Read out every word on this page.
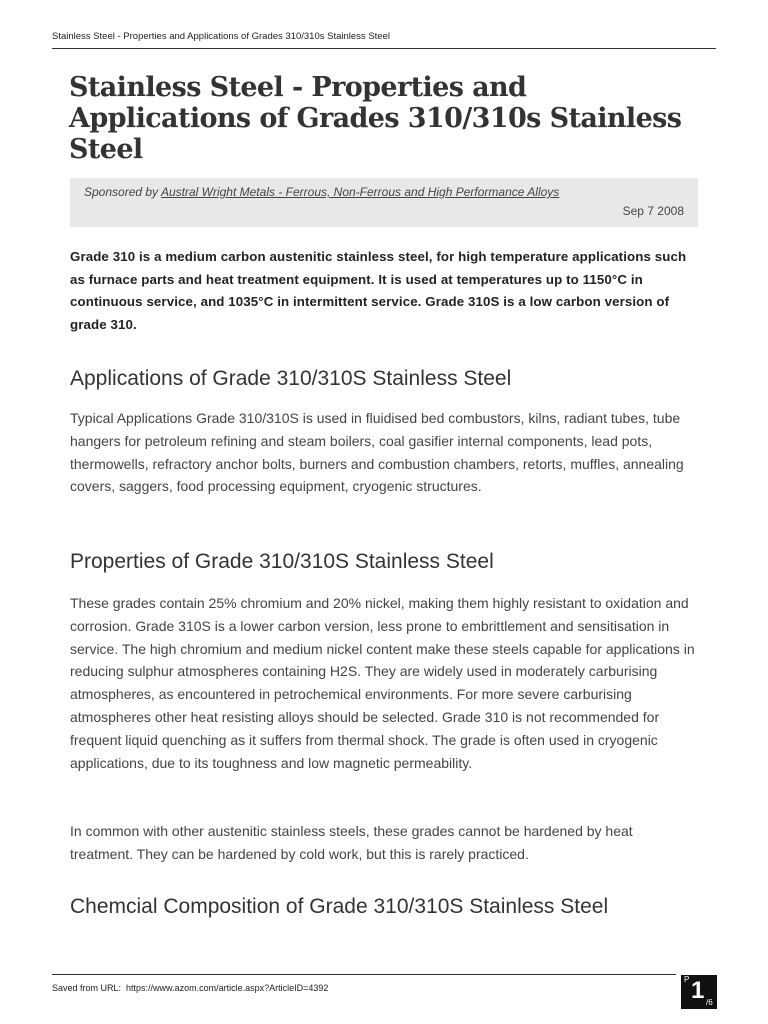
Stainless Steel - Properties and Applications of Grades 310/310s Stainless Steel
Stainless Steel - Properties and Applications of Grades 310/310s Stainless Steel
Sponsored by Austral Wright Metals - Ferrous, Non-Ferrous and High Performance Alloys
Sep 7 2008

Grade 310 is a medium carbon austenitic stainless steel, for high temperature applications such as furnace parts and heat treatment equipment. It is used at temperatures up to 1150°C in continuous service, and 1035°C in intermittent service. Grade 310S is a low carbon version of grade 310.

Applications of Grade 310/310S Stainless Steel

Typical Applications Grade 310/310S is used in fluidised bed combustors, kilns, radiant tubes, tube hangers for petroleum refining and steam boilers, coal gasifier internal components, lead pots, thermowells, refractory anchor bolts, burners and combustion chambers, retorts, muffles, annealing covers, saggers, food processing equipment, cryogenic structures.

Properties of Grade 310/310S Stainless Steel

These grades contain 25% chromium and 20% nickel, making them highly resistant to oxidation and corrosion. Grade 310S is a lower carbon version, less prone to embrittlement and sensitisation in service. The high chromium and medium nickel content make these steels capable for applications in reducing sulphur atmospheres containing H2S. They are widely used in moderately carburising atmospheres, as encountered in petrochemical environments. For more severe carburising atmospheres other heat resisting alloys should be selected. Grade 310 is not recommended for frequent liquid quenching as it suffers from thermal shock. The grade is often used in cryogenic applications, due to its toughness and low magnetic permeability.

In common with other austenitic stainless steels, these grades cannot be hardened by heat treatment. They can be hardened by cold work, but this is rarely practiced.

Chemcial Composition of Grade 310/310S Stainless Steel
Saved from URL: https://www.azom.com/article.aspx?ArticleID=4392
P 1 /6
